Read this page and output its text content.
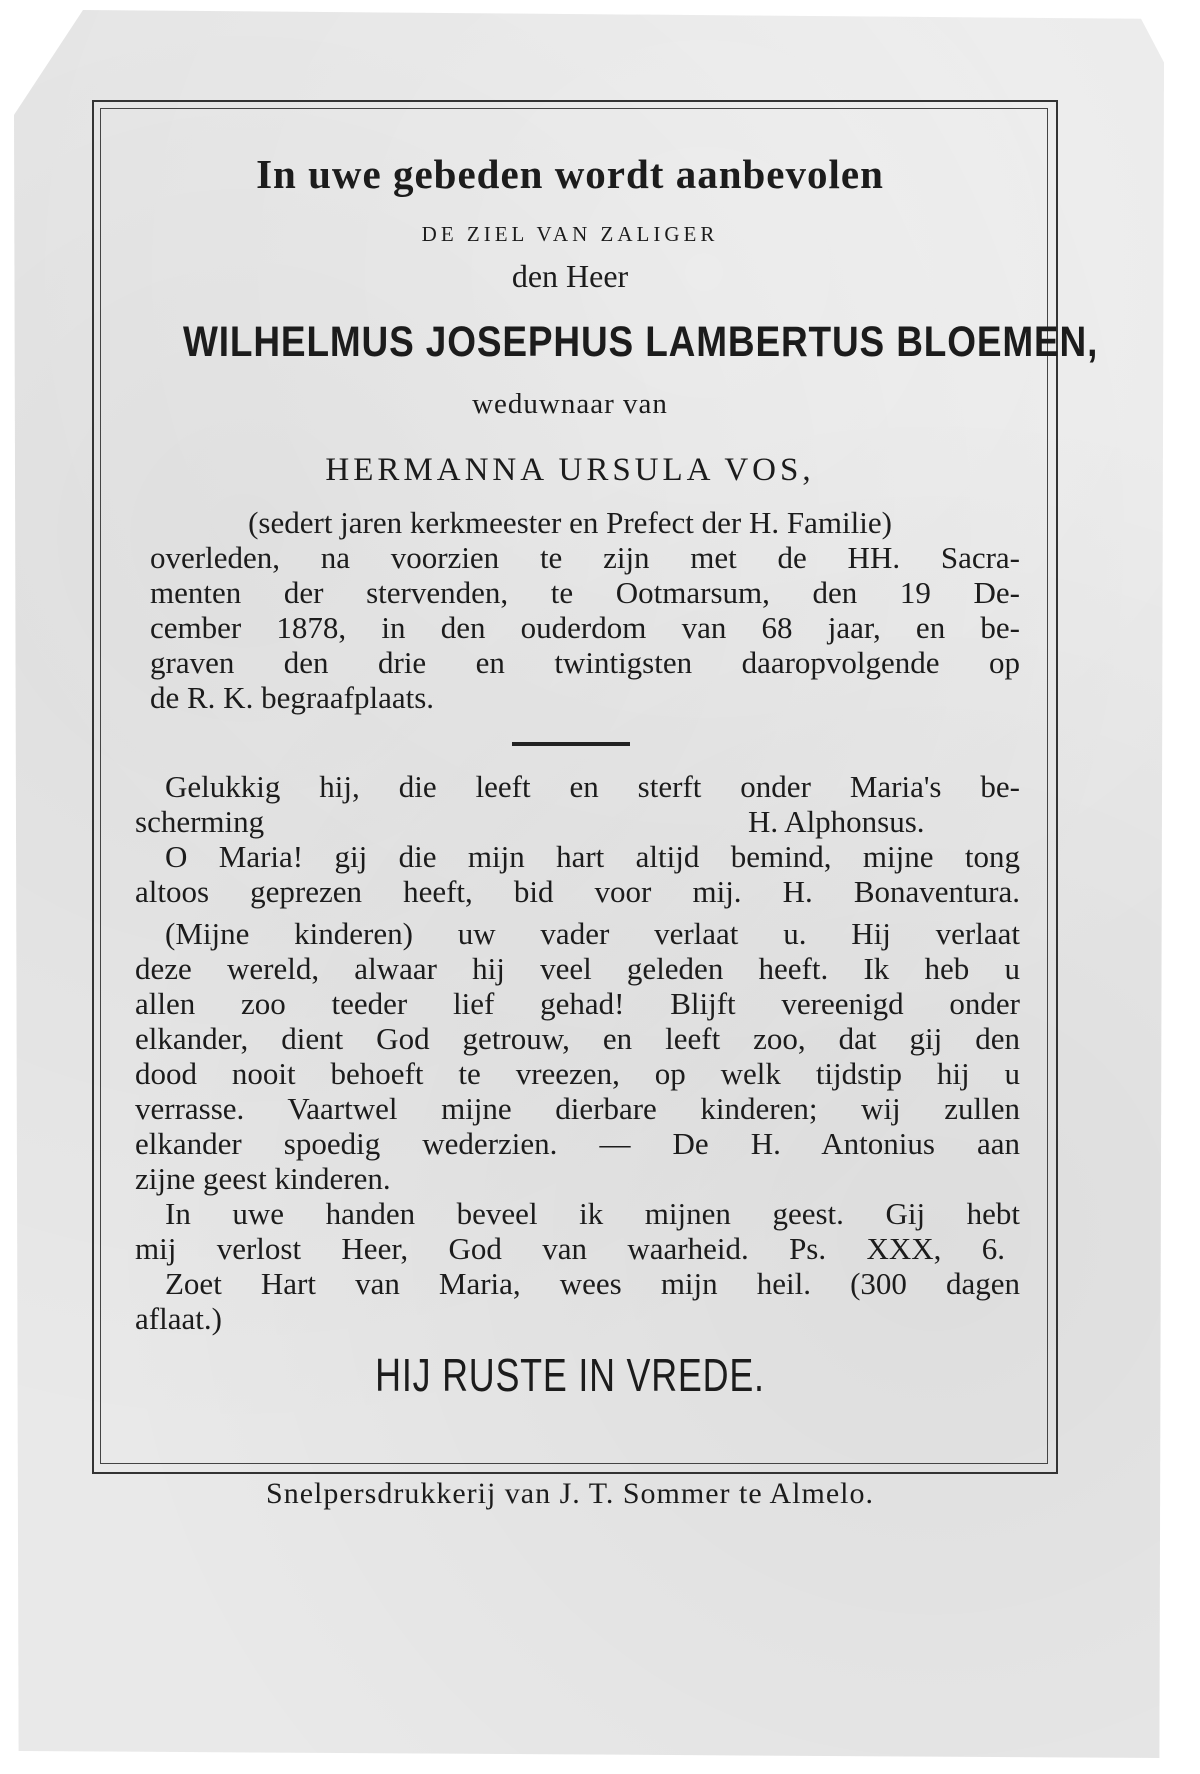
In uwe gebeden wordt aanbevolen
DE ZIEL VAN ZALIGER
den Heer
WILHELMUS JOSEPHUS LAMBERTUS BLOEMEN,
weduwnaar van
HERMANNA URSULA VOS,
(sedert jaren kerkmeester en Prefect der H. Familie)
overleden, na voorzien te zijn met de HH. Sacra-
menten der stervenden, te Ootmarsum, den 19 De-
cember 1878, in den ouderdom van 68 jaar, en be-
graven den drie en twintigsten daaropvolgende op
de R. K. begraafplaats.
Gelukkig hij, die leeft en sterft onder Maria's be-
scherming	H. Alphonsus.
O Maria! gij die mijn hart altijd bemind, mijne tong
altoos geprezen heeft, bid voor mij. H. Bonaventura.
(Mijne kinderen) uw vader verlaat u. Hij verlaat
deze wereld, alwaar hij veel geleden heeft. Ik heb u
allen zoo teeder lief gehad! Blijft vereenigd onder
elkander, dient God getrouw, en leeft zoo, dat gij den
dood nooit behoeft te vreezen, op welk tijdstip hij u
verrasse. Vaartwel mijne dierbare kinderen; wij zullen
elkander spoedig wederzien. — De H. Antonius aan
zijne geest kinderen.
In uwe handen beveel ik mijnen geest. Gij hebt
mij verlost Heer, God van waarheid. Ps. XXX, 6.
Zoet Hart van Maria, wees mijn heil. (300 dagen
aflaat.)
HIJ RUSTE IN VREDE.
Snelpersdrukkerij van J. T. Sommer te Almelo.
